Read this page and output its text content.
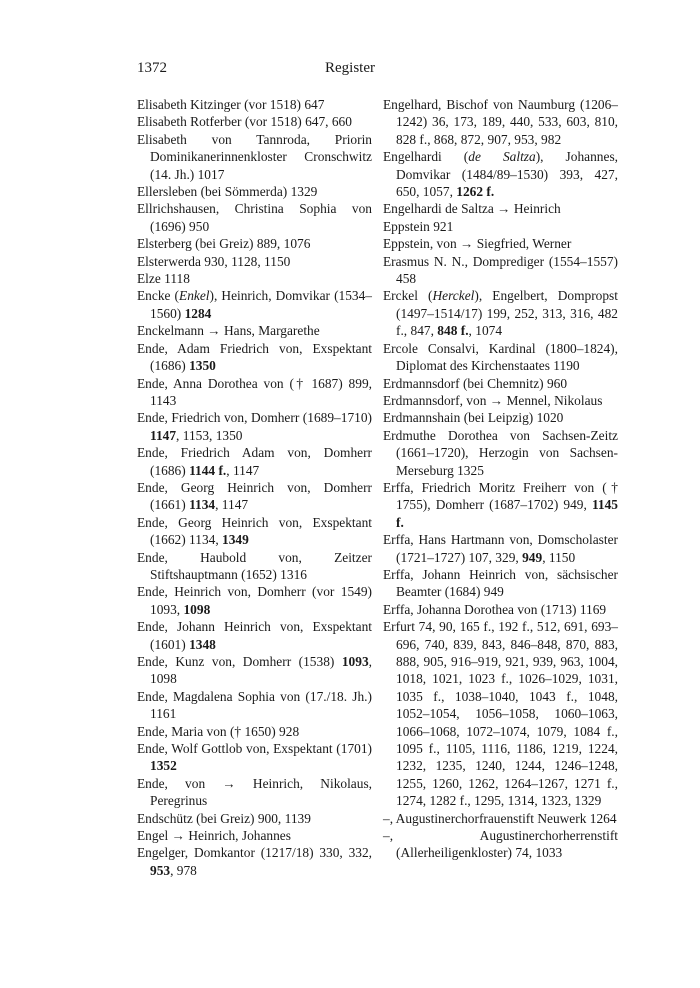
1372	Register

Elisabeth Kitzinger (vor 1518) 647

Elisabeth Rotferber (vor 1518) 647, 660

Elisabeth von Tannroda, Priorin Dominikanerinnenkloster Cronschwitz (14. Jh.) 1017

Ellersleben (bei Sömmerda) 1329

Ellrichshausen, Christina Sophia von (1696) 950

Elsterberg (bei Greiz) 889, 1076

Elsterwerda 930, 1128, 1150

Elze 1118

Encke (Enkel), Heinrich, Domvikar (1534–1560) 1284

Enckelmann → Hans, Margarethe

Ende, Adam Friedrich von, Exspektant (1686) 1350

Ende, Anna Dorothea von († 1687) 899, 1143

Ende, Friedrich von, Domherr (1689–1710) 1147, 1153, 1350

Ende, Friedrich Adam von, Domherr (1686) 1144 f., 1147

Ende, Georg Heinrich von, Domherr (1661) 1134, 1147

Ende, Georg Heinrich von, Exspektant (1662) 1134, 1349

Ende, Haubold von, Zeitzer Stiftshauptmann (1652) 1316

Ende, Heinrich von, Domherr (vor 1549) 1093, 1098

Ende, Johann Heinrich von, Exspektant (1601) 1348

Ende, Kunz von, Domherr (1538) 1093, 1098

Ende, Magdalena Sophia von (17./18. Jh.) 1161

Ende, Maria von († 1650) 928

Ende, Wolf Gottlob von, Exspektant (1701) 1352

Ende, von → Heinrich, Nikolaus, Peregrinus

Endschütz (bei Greiz) 900, 1139

Engel → Heinrich, Johannes

Engelger, Domkantor (1217/18) 330, 332, 953, 978

Engelhard, Bischof von Naumburg (1206–1242) 36, 173, 189, 440, 533, 603, 810, 828 f., 868, 872, 907, 953, 982

Engelhardi (de Saltza), Johannes, Domvikar (1484/89–1530) 393, 427, 650, 1057, 1262 f.

Engelhardi de Saltza → Heinrich

Eppstein 921

Eppstein, von → Siegfried, Werner

Erasmus N. N., Domprediger (1554–1557) 458

Erckel (Herckel), Engelbert, Dompropst (1497–1514/17) 199, 252, 313, 316, 482 f., 847, 848 f., 1074

Ercole Consalvi, Kardinal (1800–1824), Diplomat des Kirchenstaates 1190

Erdmannsdorf (bei Chemnitz) 960

Erdmannsdorf, von → Mennel, Nikolaus

Erdmannshain (bei Leipzig) 1020

Erdmuthe Dorothea von Sachsen-Zeitz (1661–1720), Herzogin von Sachsen-Merseburg 1325

Erffa, Friedrich Moritz Freiherr von († 1755), Domherr (1687–1702) 949, 1145 f.

Erffa, Hans Hartmann von, Domscholaster (1721–1727) 107, 329, 949, 1150

Erffa, Johann Heinrich von, sächsischer Beamter (1684) 949

Erffa, Johanna Dorothea von (1713) 1169

Erfurt 74, 90, 165 f., 192 f., 512, 691, 693–696, 740, 839, 843, 846–848, 870, 883, 888, 905, 916–919, 921, 939, 963, 1004, 1018, 1021, 1023 f., 1026–1029, 1031, 1035 f., 1038–1040, 1043 f., 1048, 1052–1054, 1056–1058, 1060–1063, 1066–1068, 1072–1074, 1079, 1084 f., 1095 f., 1105, 1116, 1186, 1219, 1224, 1232, 1235, 1240, 1244, 1246–1248, 1255, 1260, 1262, 1264–1267, 1271 f., 1274, 1282 f., 1295, 1314, 1323, 1329

–, Augustinerchorfrauenstift Neuwerk 1264

–, Augustinerchorherrenstift (Allerheiligenkloster) 74, 1033
